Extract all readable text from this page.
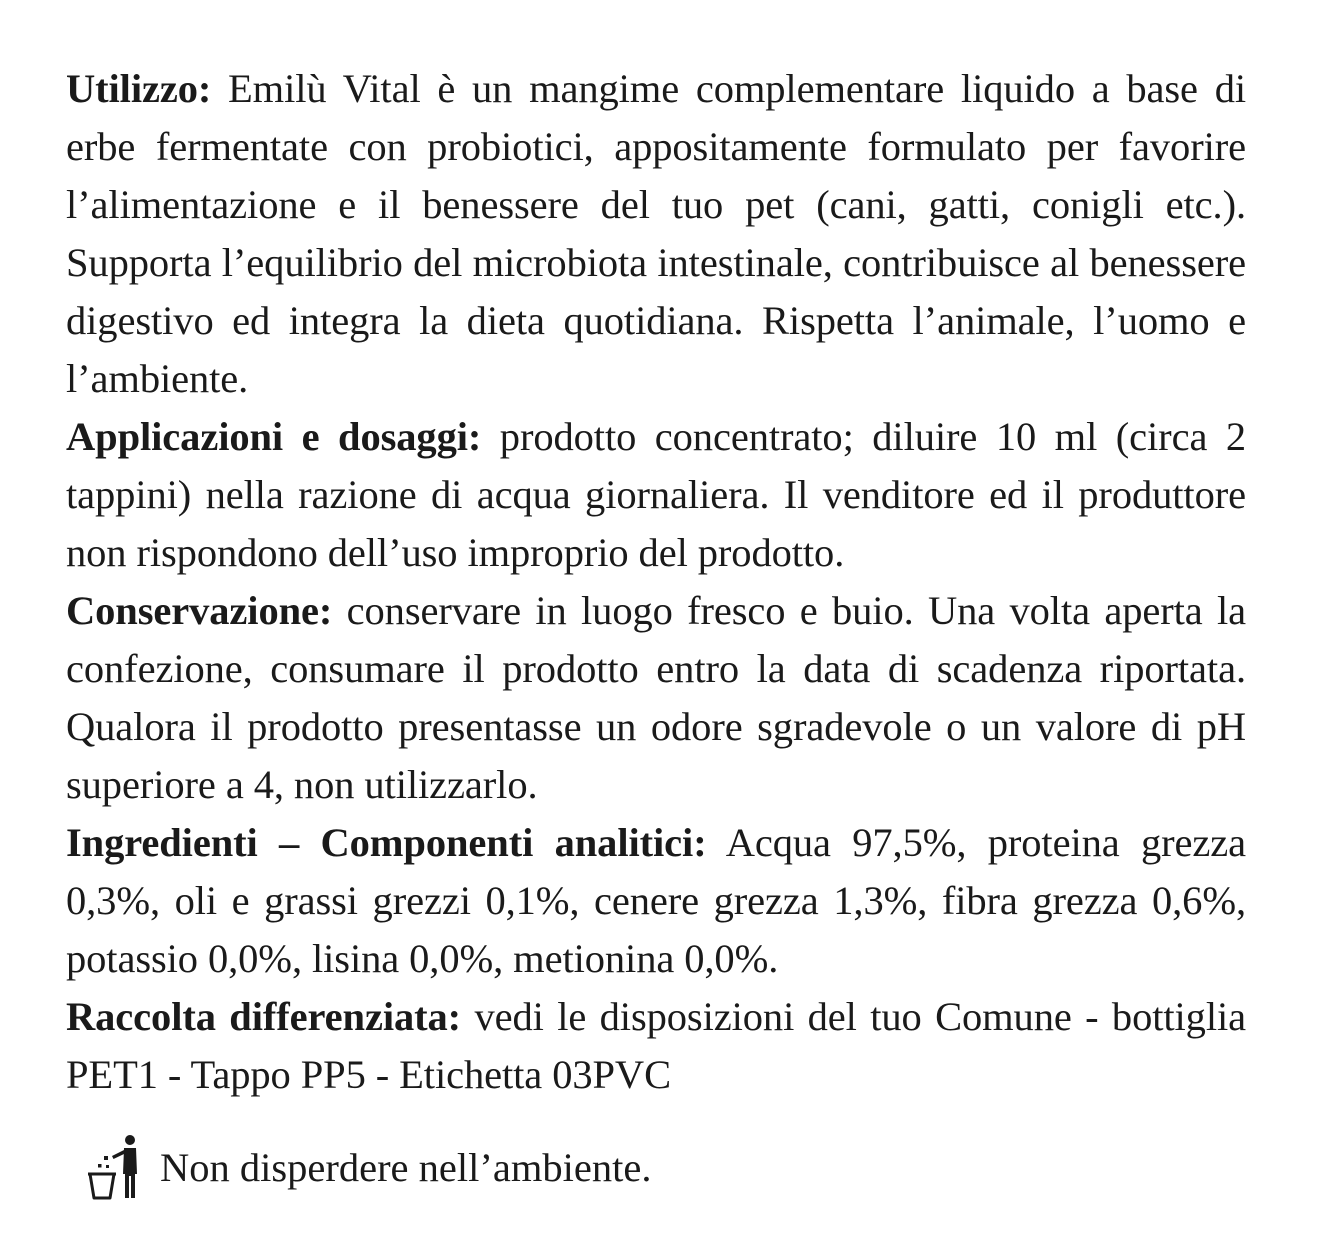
Utilizzo: Emilù Vital è un mangime complementare liquido a base di erbe fermentate con probiotici, appositamente formulato per favorire l’alimentazione e il benessere del tuo pet (cani, gatti, conigli etc.). Supporta l’equilibrio del microbiota intestinale, contribuisce al benessere digestivo ed integra la dieta quotidiana. Rispetta l’animale, l’uomo e l’ambiente.

Applicazioni e dosaggi: prodotto concentrato; diluire 10 ml (circa 2 tappini) nella razione di acqua giornaliera. Il venditore ed il produttore non rispondono dell’uso improprio del prodotto.

Conservazione: conservare in luogo fresco e buio. Una volta aperta la confezione, consumare il prodotto entro la data di scadenza riportata. Qualora il prodotto presentasse un odore sgradevole o un valore di pH superiore a 4, non utilizzarlo.

Ingredienti – Componenti analitici: Acqua 97,5%, proteina grezza 0,3%, oli e grassi grezzi 0,1%, cenere grezza 1,3%, fibra grezza 0,6%, potassio 0,0%, lisina 0,0%, metionina 0,0%.

Raccolta differenziata: vedi le disposizioni del tuo Comune - bottiglia PET1 - Tappo PP5 - Etichetta 03PVC

Non disperdere nell’ambiente.
